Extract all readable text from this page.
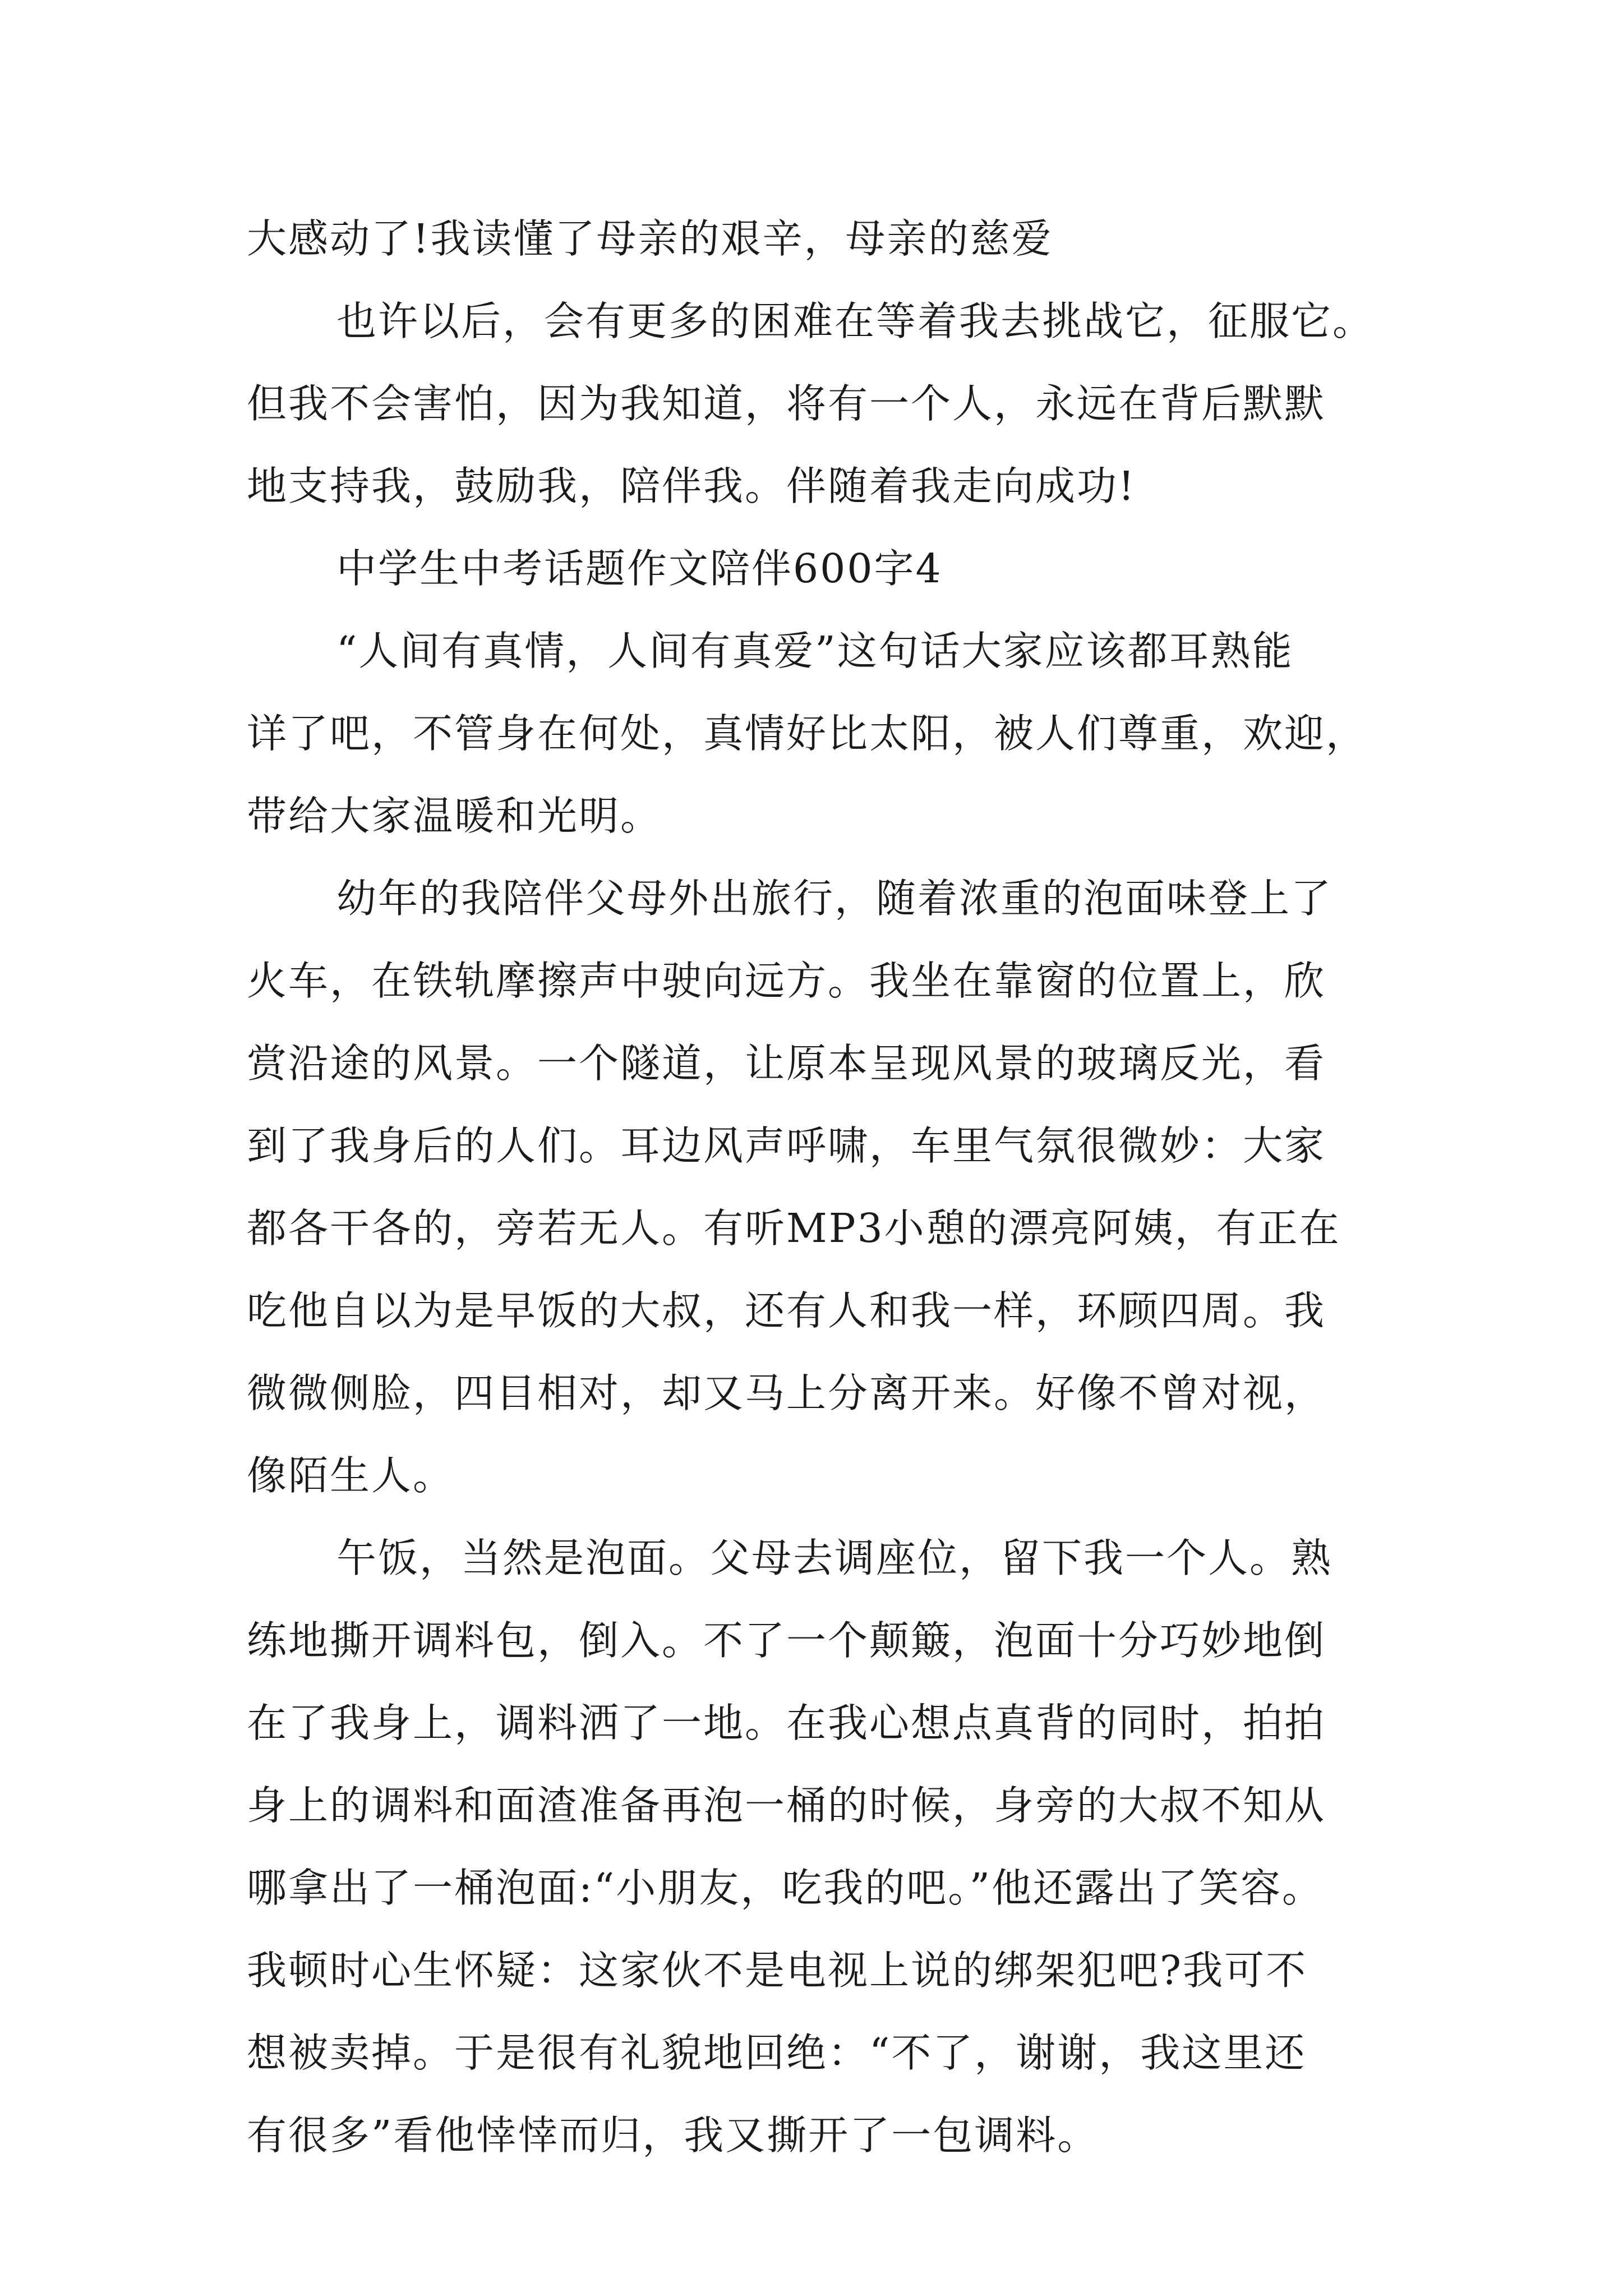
大感动了!我读懂了母亲的艰辛，母亲的慈爱
也许以后，会有更多的困难在等着我去挑战它，征服它。
但我不会害怕，因为我知道，将有一个人，永远在背后默默
地支持我，鼓励我，陪伴我。伴随着我走向成功!
中学生中考话题作文陪伴600字4
“人间有真情，人间有真爱”这句话大家应该都耳熟能
详了吧，不管身在何处，真情好比太阳，被人们尊重，欢迎，
带给大家温暖和光明。
幼年的我陪伴父母外出旅行，随着浓重的泡面味登上了
火车，在铁轨摩擦声中驶向远方。我坐在靠窗的位置上，欣
赏沿途的风景。一个隧道，让原本呈现风景的玻璃反光，看
到了我身后的人们。耳边风声呼啸，车里气氛很微妙：大家
都各干各的，旁若无人。有听MP3小憩的漂亮阿姨，有正在
吃他自以为是早饭的大叔，还有人和我一样，环顾四周。我
微微侧脸，四目相对，却又马上分离开来。好像不曾对视，
像陌生人。
午饭，当然是泡面。父母去调座位，留下我一个人。熟
练地撕开调料包，倒入。不了一个颠簸，泡面十分巧妙地倒
在了我身上，调料洒了一地。在我心想点真背的同时，拍拍
身上的调料和面渣准备再泡一桶的时候，身旁的大叔不知从
哪拿出了一桶泡面:“小朋友，吃我的吧。”他还露出了笑容。
我顿时心生怀疑：这家伙不是电视上说的绑架犯吧?我可不
想被卖掉。于是很有礼貌地回绝：“不了，谢谢，我这里还
有很多”看他悻悻而归，我又撕开了一包调料。
